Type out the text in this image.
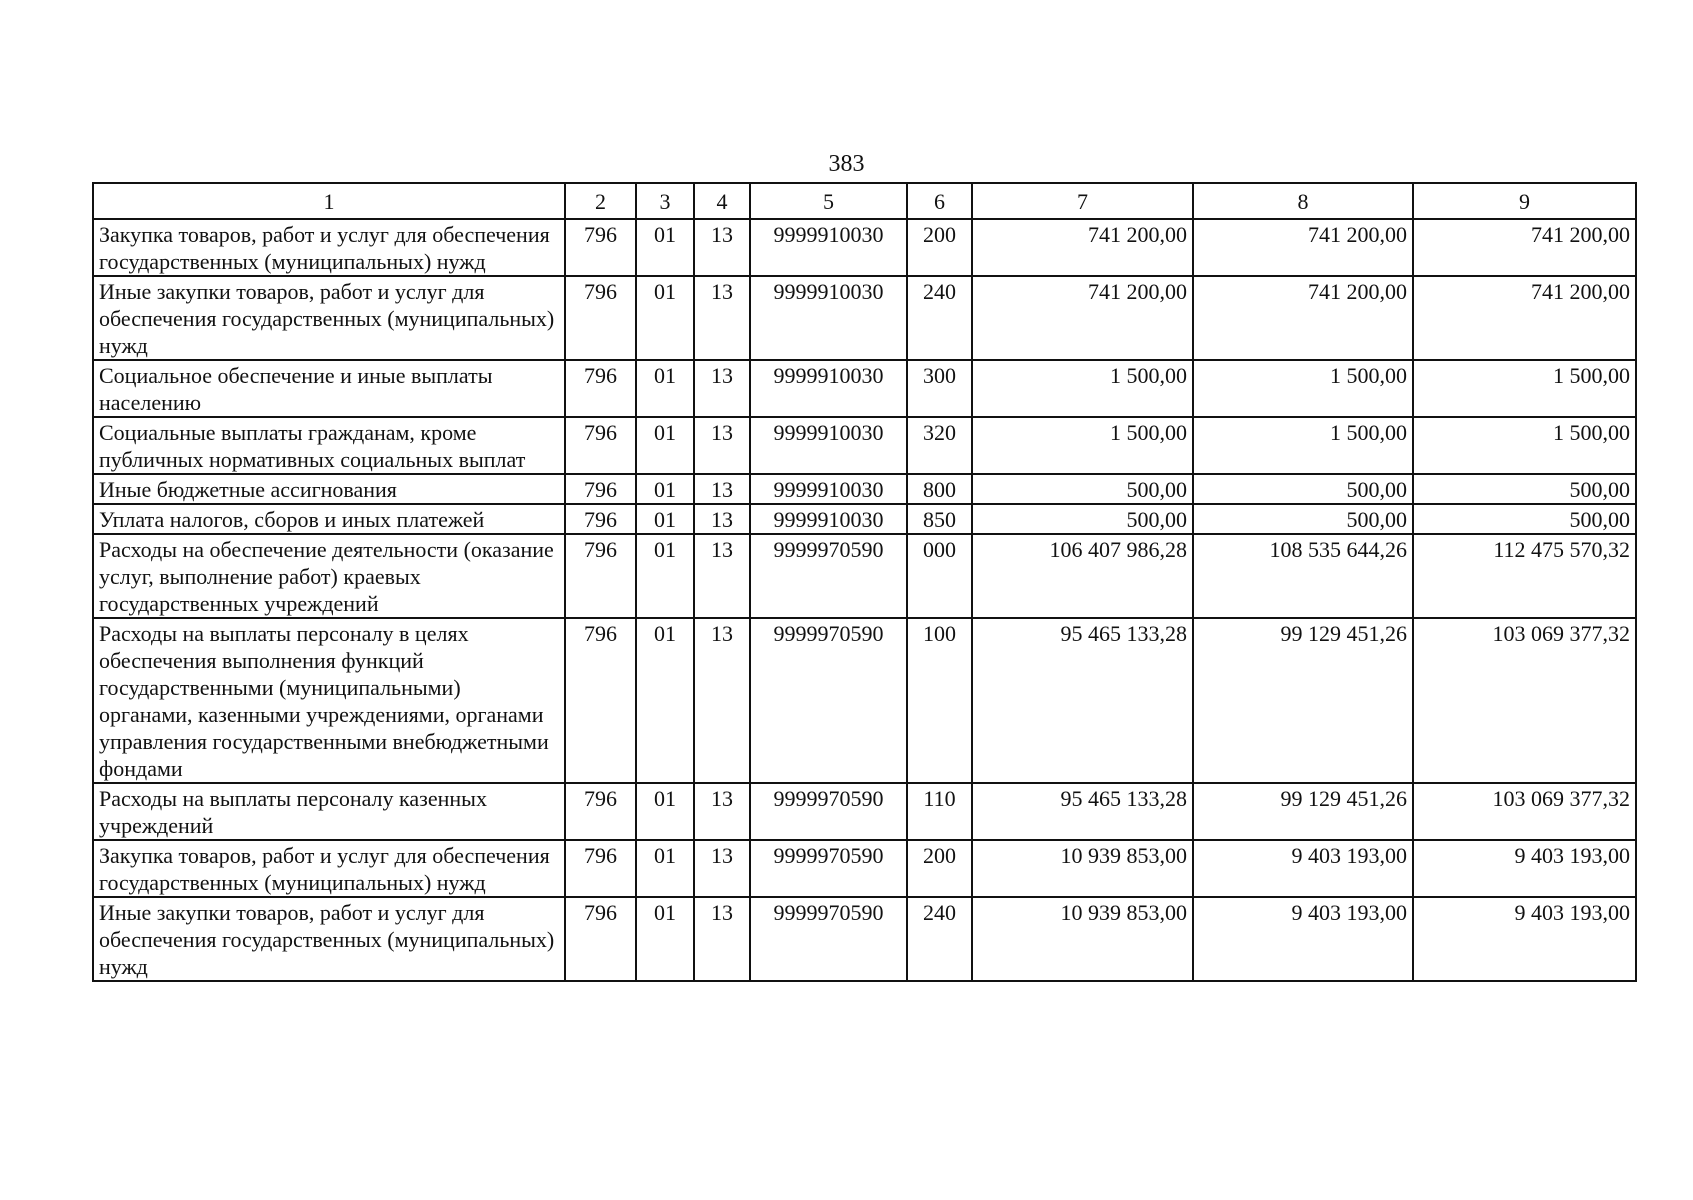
383
1	2	3	4	5	6	7	8	9
Закупка товаров, работ и услуг для обеспечения государственных (муниципальных) нужд	796	01	13	9999910030	200	741 200,00	741 200,00	741 200,00
Иные закупки товаров, работ и услуг для обеспечения государственных (муниципальных) нужд	796	01	13	9999910030	240	741 200,00	741 200,00	741 200,00
Социальное обеспечение и иные выплаты населению	796	01	13	9999910030	300	1 500,00	1 500,00	1 500,00
Социальные выплаты гражданам, кроме публичных нормативных социальных выплат	796	01	13	9999910030	320	1 500,00	1 500,00	1 500,00
Иные бюджетные ассигнования	796	01	13	9999910030	800	500,00	500,00	500,00
Уплата налогов, сборов и иных платежей	796	01	13	9999910030	850	500,00	500,00	500,00
Расходы на обеспечение деятельности (оказание услуг, выполнение работ) краевых государственных учреждений	796	01	13	9999970590	000	106 407 986,28	108 535 644,26	112 475 570,32
Расходы на выплаты персоналу в целях обеспечения выполнения функций государственными (муниципальными) органами, казенными учреждениями, органами управления государственными внебюджетными фондами	796	01	13	9999970590	100	95 465 133,28	99 129 451,26	103 069 377,32
Расходы на выплаты персоналу казенных учреждений	796	01	13	9999970590	110	95 465 133,28	99 129 451,26	103 069 377,32
Закупка товаров, работ и услуг для обеспечения государственных (муниципальных) нужд	796	01	13	9999970590	200	10 939 853,00	9 403 193,00	9 403 193,00
Иные закупки товаров, работ и услуг для обеспечения государственных (муниципальных) нужд	796	01	13	9999970590	240	10 939 853,00	9 403 193,00	9 403 193,00
